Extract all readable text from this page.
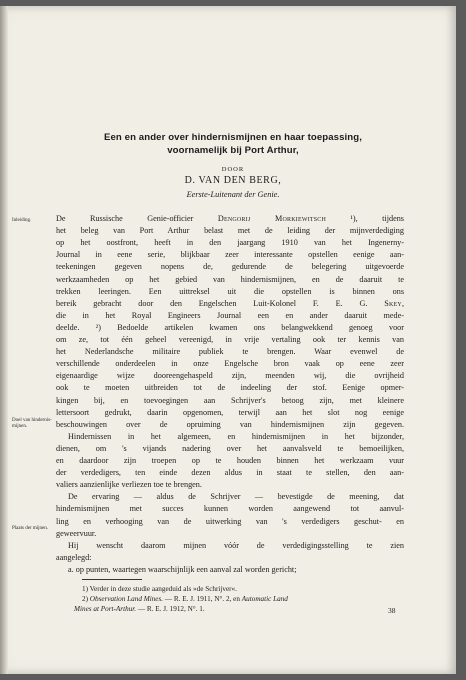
Een en ander over hindernismijnen en haar toepassing,
voornamelijk bij Port Arthur,
DOOR
D. VAN DEN BERG,
Eerste-Luitenant der Genie.
Inleiding.
Doel van hindernis- mijnen.
Plaats der mijnen.
De Russische Genie-officier Dengorij Morkiewitsch ¹), tijdens
het beleg van Port Arthur belast met de leiding der mijnverdediging
op het oostfront, heeft in den jaargang 1910 van het Ingenerny-
Journal in eene serie, blijkbaar zeer interessante opstellen eenige aan-
teekeningen gegeven nopens de, gedurende de belegering uitgevoerde
werkzaamheden op het gebied van hindernismijnen, en de daaruit te
trekken leeringen. Een uittreksel uit die opstellen is binnen ons
bereik gebracht door den Engelschen Luit-Kolonel F. E. G. Skey,
die in het Royal Engineers Journal een en ander daaruit mede-
deelde. ²) Bedoelde artikelen kwamen ons belangwekkend genoeg voor
om ze, tot één geheel vereenigd, in vrije vertaling ook ter kennis van
het Nederlandsche militaire publiek te brengen. Waar evenwel de
verschillende onderdeelen in onze Engelsche bron vaak op eene zeer
eigenaardige wijze dooreengehaspeld zijn, meenden wij, die ovrijheid
ook te moeten uitbreiden tot de indeeling der stof. Eenige opmer-
kingen bij, en toevoegingen aan Schrijver's betoog zijn, met kleinere
lettersoort gedrukt, daarin opgenomen, terwijl aan het slot nog eenige
beschouwingen over de opruiming van hindernismijnen zijn gegeven.
Hindernissen in het algemeen, en hindernismijnen in het bijzonder,
dienen, om 's vijands nadering over het aanvalsveld te bemoeilijken,
en daardoor zijn troepen op te houden binnen het werkzaam vuur
der verdedigers, ten einde dezen aldus in staat te stellen, den aan-
valiers aanzienlijke verliezen toe te brengen.
De ervaring — aldus de Schrijver — bevestigde de meening, dat
hindernismijnen met succes kunnen worden aangewend tot aanvul-
ling en verhooging van de uitwerking van 's verdedigers geschut- en
geweervuur.
Hij wenscht daarom mijnen vóór de verdedigingsstelling te zien
aangelegd:
a. op punten, waartegen waarschijnlijk een aanval zal worden gericht;
1) Verder in deze studie aangeduid als »de Schrijver«.
2) Observation Land Mines. — R. E. J. 1911, N°. 2, en Automatic Land
Mines at Port-Arthur. — R. E. J. 1912, N°. 1.	38
